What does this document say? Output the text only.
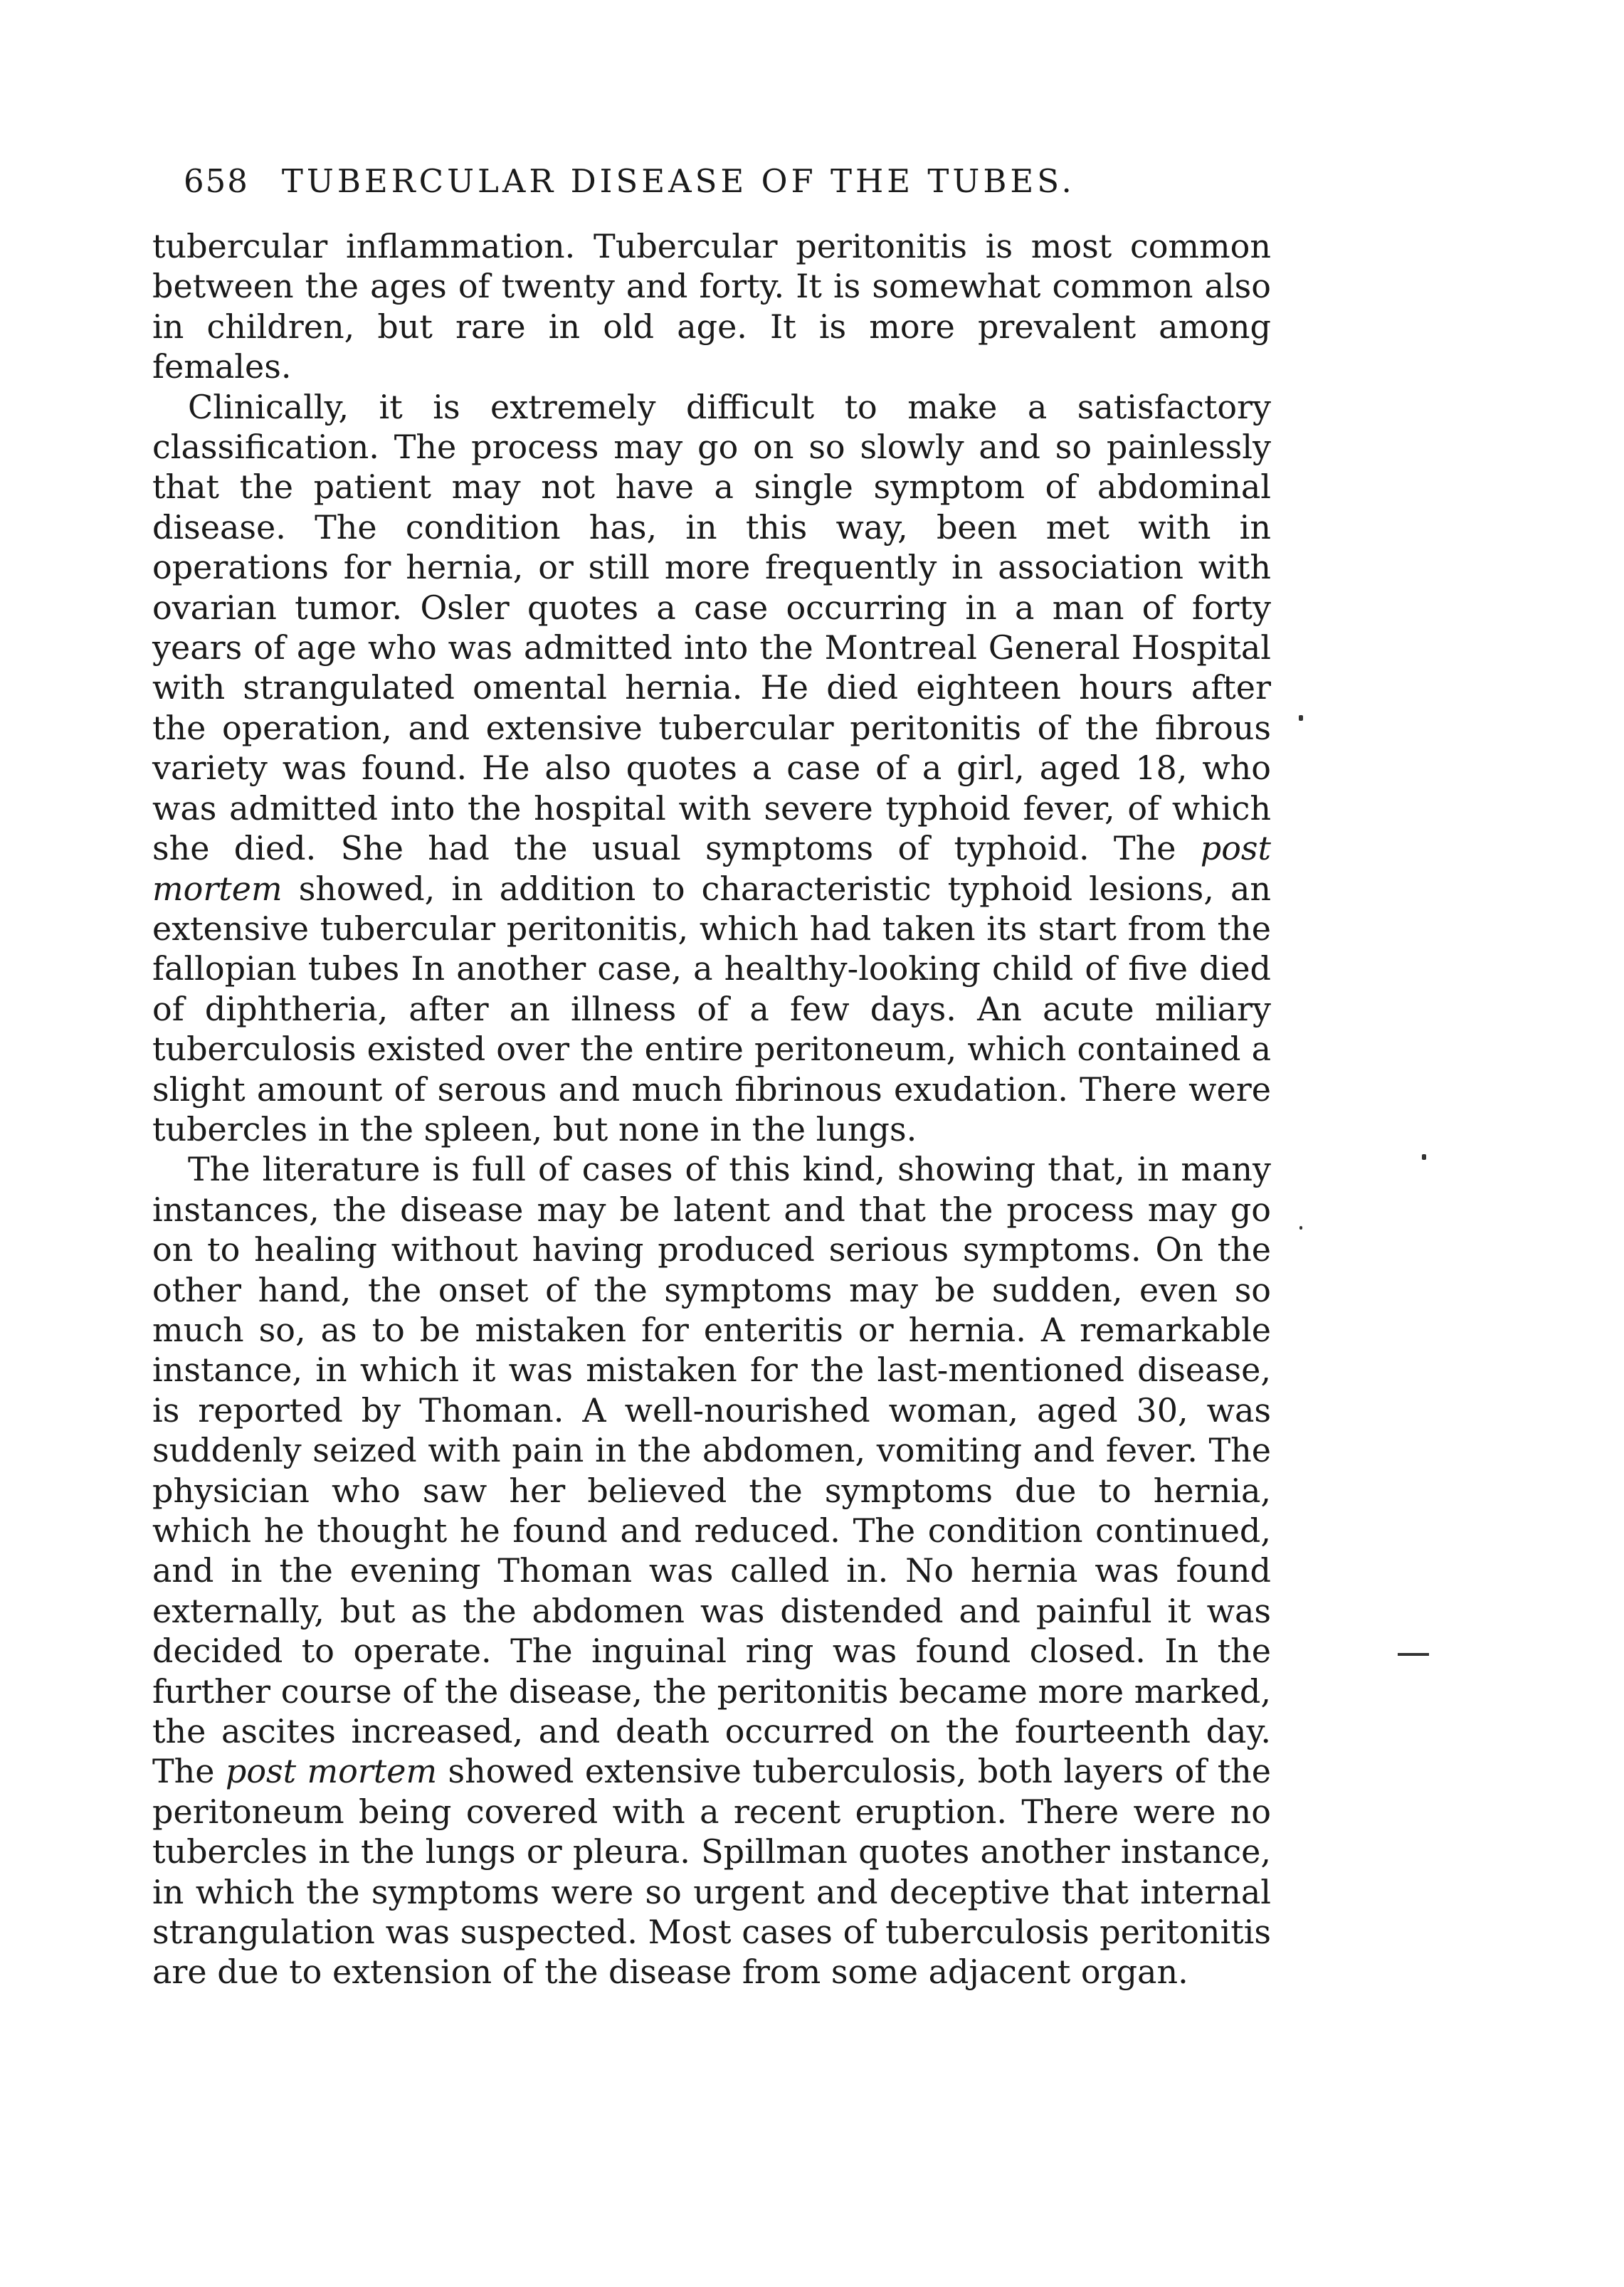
658 TUBERCULAR DISEASE OF THE TUBES.

tubercular inflammation. Tubercular peritonitis is most common between the ages of twenty and forty. It is somewhat common also in children, but rare in old age. It is more prevalent among females.

Clinically, it is extremely difficult to make a satisfactory classification. The process may go on so slowly and so painlessly that the patient may not have a single symptom of abdominal disease. The condition has, in this way, been met with in operations for hernia, or still more frequently in association with ovarian tumor. Osler quotes a case occurring in a man of forty years of age who was admitted into the Montreal General Hospital with strangulated omental hernia. He died eighteen hours after the operation, and extensive tubercular peritonitis of the fibrous variety was found. He also quotes a case of a girl, aged 18, who was admitted into the hospital with severe typhoid fever, of which she died. She had the usual symptoms of typhoid. The post mortem showed, in addition to characteristic typhoid lesions, an extensive tubercular peritonitis, which had taken its start from the fallopian tubes In another case, a healthy-looking child of five died of diphtheria, after an illness of a few days. An acute miliary tuberculosis existed over the entire peritoneum, which contained a slight amount of serous and much fibrinous exudation. There were tubercles in the spleen, but none in the lungs.

The literature is full of cases of this kind, showing that, in many instances, the disease may be latent and that the process may go on to healing without having produced serious symptoms. On the other hand, the onset of the symptoms may be sudden, even so much so, as to be mistaken for enteritis or hernia. A remarkable instance, in which it was mistaken for the last-mentioned disease, is reported by Thoman. A well-nourished woman, aged 30, was suddenly seized with pain in the abdomen, vomiting and fever. The physician who saw her believed the symptoms due to hernia, which he thought he found and reduced. The condition continued, and in the evening Thoman was called in. No hernia was found externally, but as the abdomen was distended and painful it was decided to operate. The inguinal ring was found closed. In the further course of the disease, the peritonitis became more marked, the ascites increased, and death occurred on the fourteenth day. The post mortem showed extensive tuberculosis, both layers of the peritoneum being covered with a recent eruption. There were no tubercles in the lungs or pleura. Spillman quotes another instance, in which the symptoms were so urgent and deceptive that internal strangulation was suspected. Most cases of tuberculosis peritonitis are due to extension of the disease from some adjacent organ.
